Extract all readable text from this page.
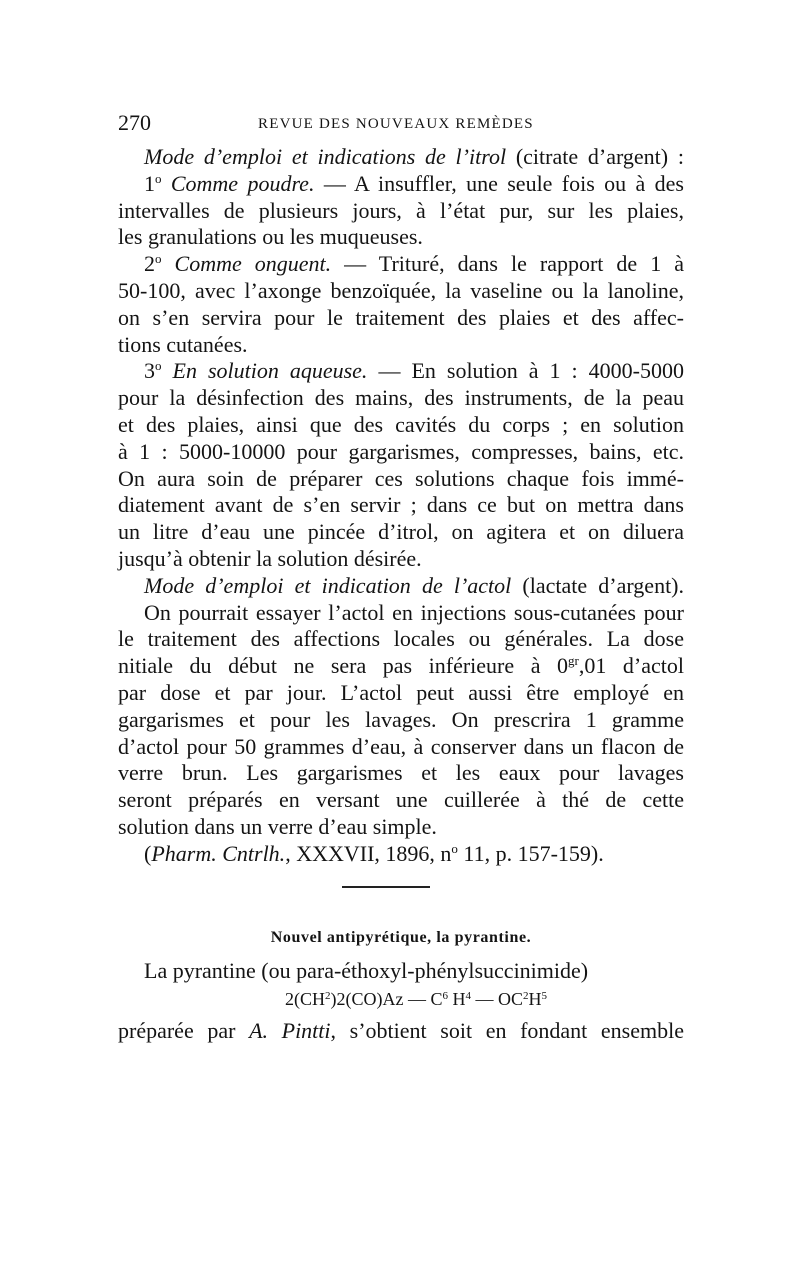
270	REVUE DES NOUVEAUX REMÈDES
Mode d’emploi et indications de l’itrol (citrate d’argent) :
1$^o$ Comme poudre. — A insuffler, une seule fois ou à des
intervalles de plusieurs jours, à l’état pur, sur les plaies,
les granulations ou les muqueuses.
2$^o$ Comme onguent. — Trituré, dans le rapport de 1 à
50-100, avec l’axonge benzoïquée, la vaseline ou la lanoline,
on s’en servira pour le traitement des plaies et des affec-
tions cutanées.
3$^o$ En solution aqueuse. — En solution à 1 : 4000-5000
pour la désinfection des mains, des instruments, de la peau
et des plaies, ainsi que des cavités du corps ; en solution
à 1 : 5000-10000 pour gargarismes, compresses, bains, etc.
On aura soin de préparer ces solutions chaque fois immé-
diatement avant de s’en servir ; dans ce but on mettra dans
un litre d’eau une pincée d’itrol, on agitera et on diluera
jusqu’à obtenir la solution désirée.
Mode d’emploi et indication de l’actol (lactate d’argent).
On pourrait essayer l’actol en injections sous-cutanées pour
le traitement des affections locales ou générales. La dose
nitiale du début ne sera pas inférieure à $0^{gr},01$ d’actol
par dose et par jour. L’actol peut aussi être employé en
gargarismes et pour les lavages. On prescrira 1 gramme
d’actol pour 50 grammes d’eau, à conserver dans un flacon de
verre brun. Les gargarismes et les eaux pour lavages
seront préparés en versant une cuillerée à thé de cette
solution dans un verre d’eau simple.
(Pharm. Cntrlh., XXXVII, 1896, $n^o$ 11, p. 157-159).
Nouvel antipyrétique, la pyrantine.
La pyrantine (ou para-éthoxyl-phénylsuccinimide)
$2(CH^2)2(CO)Az$ — $C^6$ $H^4$ — $OC^2H^5$
préparée par A. Pintti, s’obtient soit en fondant ensemble
